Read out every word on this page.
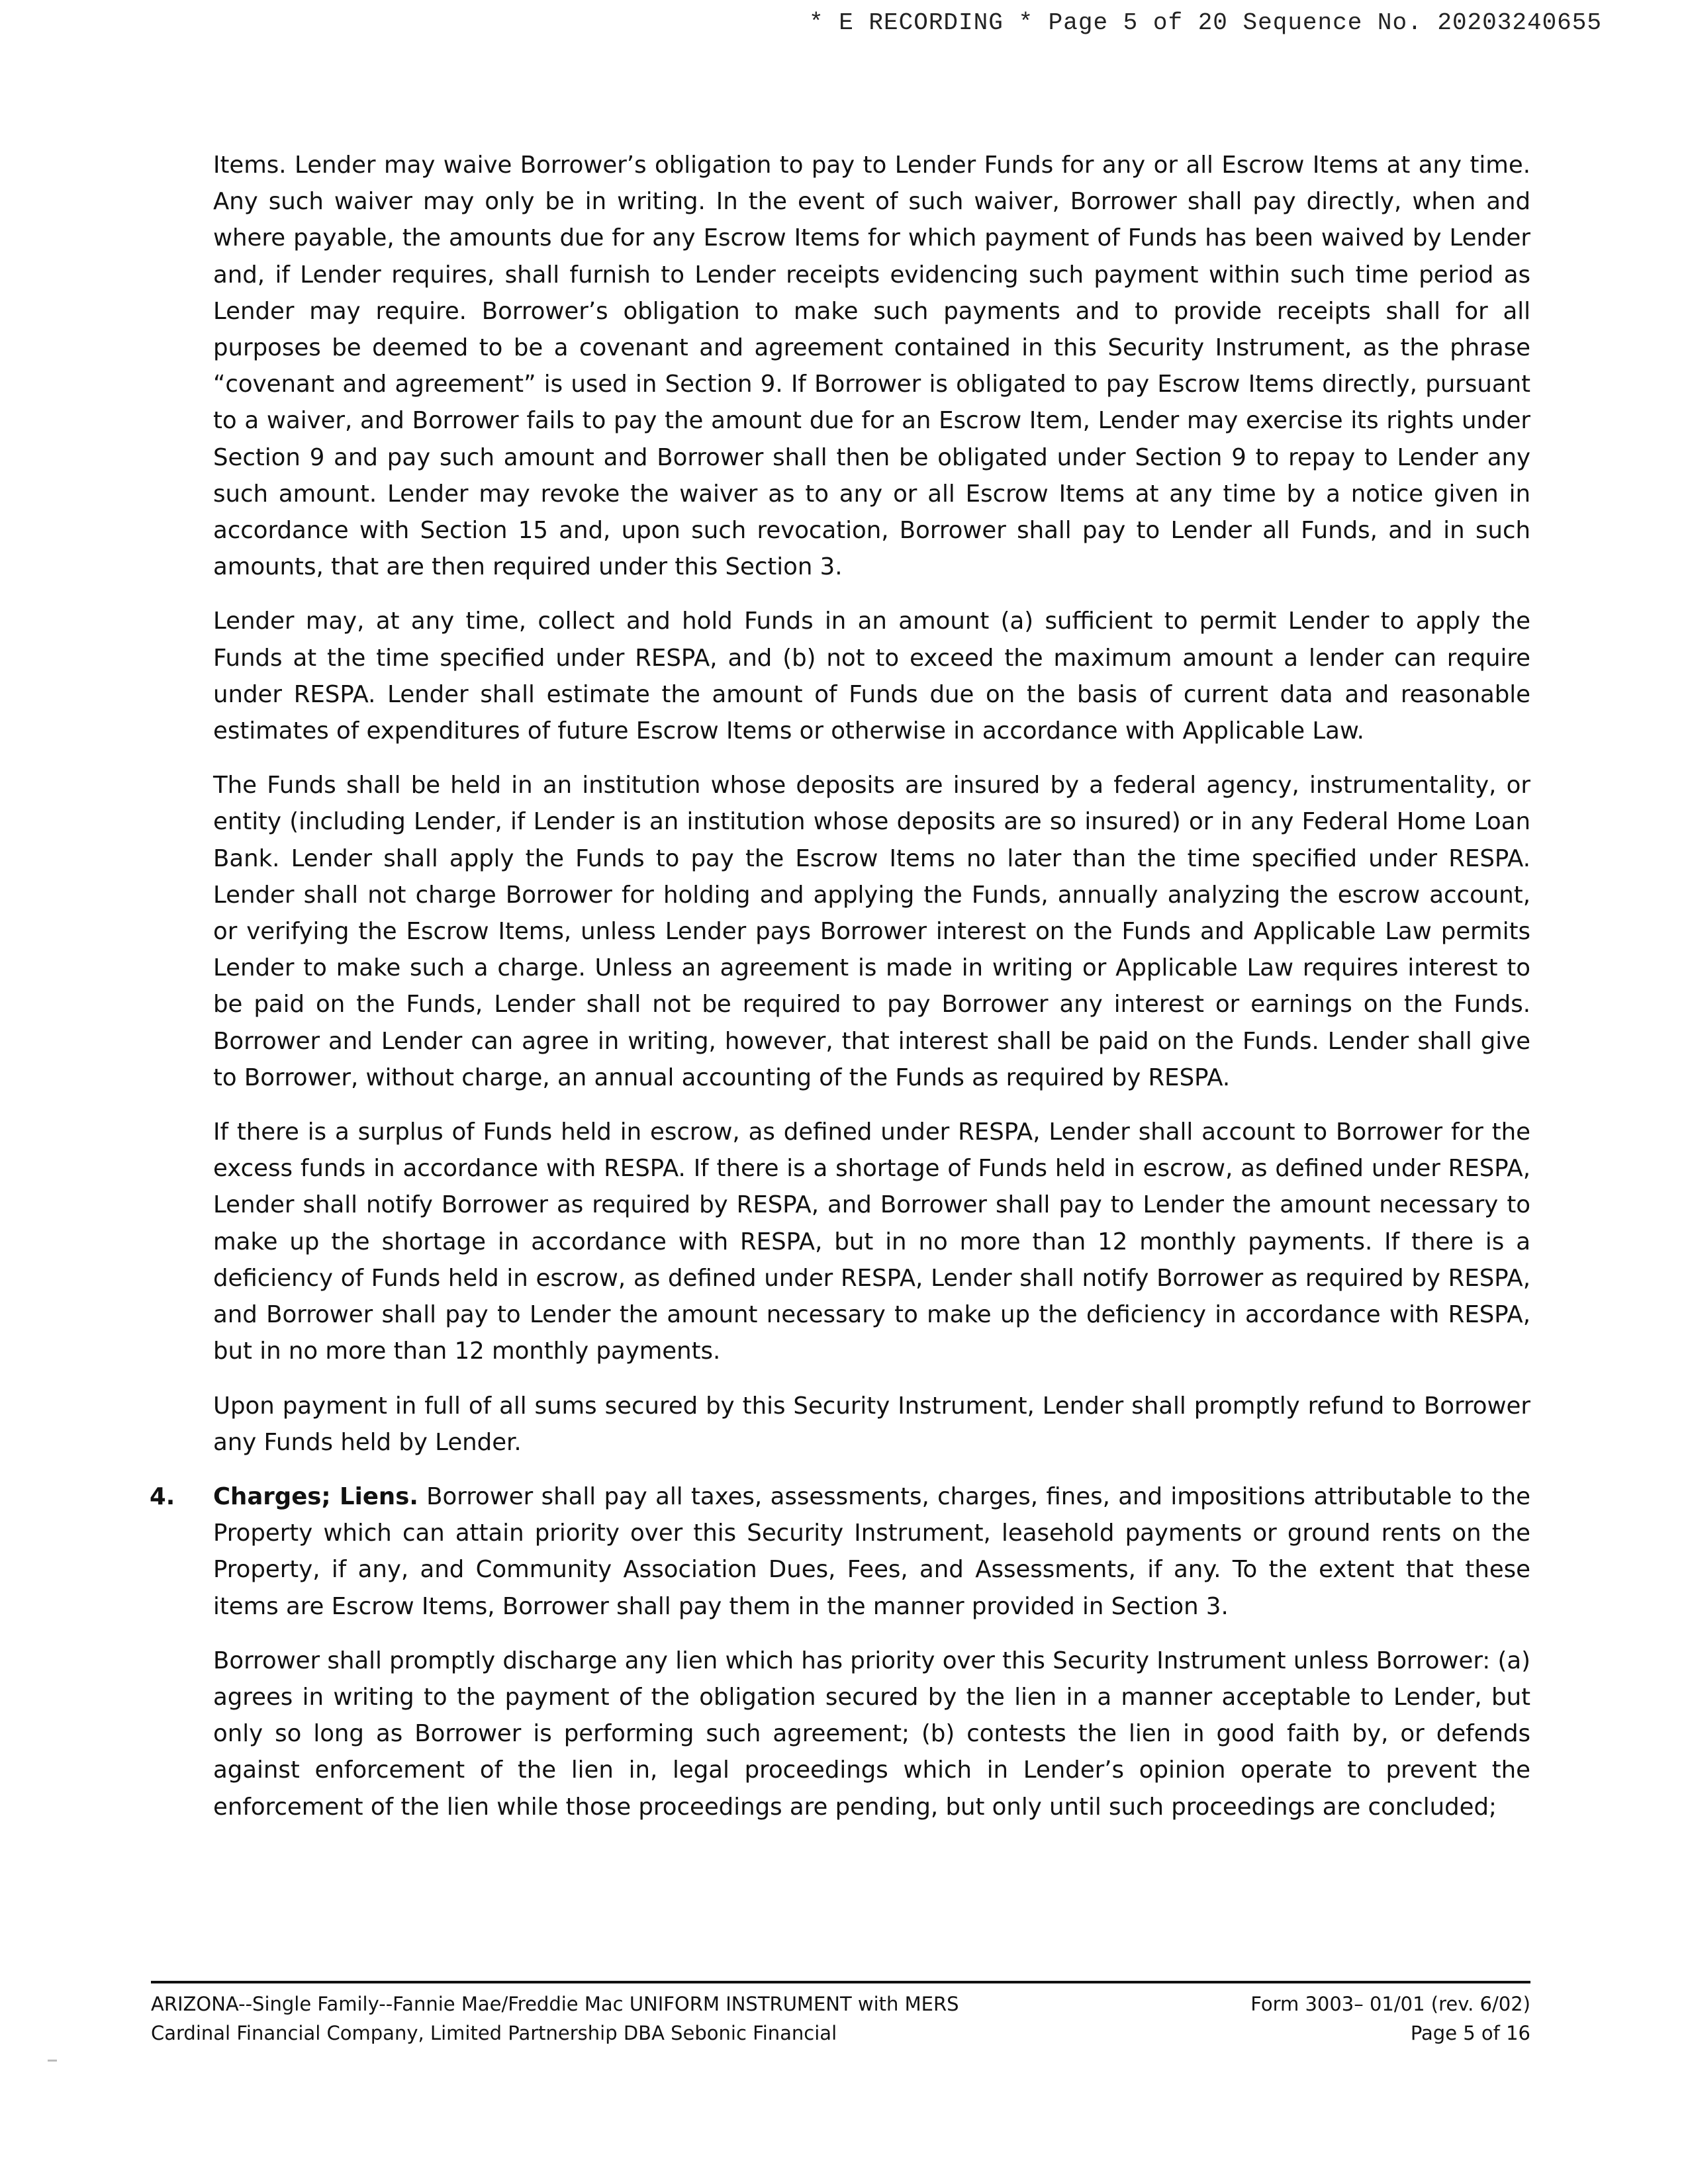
* E RECORDING * Page 5 of 20 Sequence No. 20203240655

Items. Lender may waive Borrower’s obligation to pay to Lender Funds for any or all Escrow Items at any time. Any such waiver may only be in writing. In the event of such waiver, Borrower shall pay directly, when and where payable, the amounts due for any Escrow Items for which payment of Funds has been waived by Lender and, if Lender requires, shall furnish to Lender receipts evidencing such payment within such time period as Lender may require. Borrower’s obligation to make such payments and to provide receipts shall for all purposes be deemed to be a covenant and agreement contained in this Security Instrument, as the phrase “covenant and agreement” is used in Section 9. If Borrower is obligated to pay Escrow Items directly, pursuant to a waiver, and Borrower fails to pay the amount due for an Escrow Item, Lender may exercise its rights under Section 9 and pay such amount and Borrower shall then be obligated under Section 9 to repay to Lender any such amount. Lender may revoke the waiver as to any or all Escrow Items at any time by a notice given in accordance with Section 15 and, upon such revocation, Borrower shall pay to Lender all Funds, and in such amounts, that are then required under this Section 3.

Lender may, at any time, collect and hold Funds in an amount (a) sufficient to permit Lender to apply the Funds at the time specified under RESPA, and (b) not to exceed the maximum amount a lender can require under RESPA. Lender shall estimate the amount of Funds due on the basis of current data and reasonable estimates of expenditures of future Escrow Items or otherwise in accordance with Applicable Law.

The Funds shall be held in an institution whose deposits are insured by a federal agency, instrumentality, or entity (including Lender, if Lender is an institution whose deposits are so insured) or in any Federal Home Loan Bank. Lender shall apply the Funds to pay the Escrow Items no later than the time specified under RESPA. Lender shall not charge Borrower for holding and applying the Funds, annually analyzing the escrow account, or verifying the Escrow Items, unless Lender pays Borrower interest on the Funds and Applicable Law permits Lender to make such a charge. Unless an agreement is made in writing or Applicable Law requires interest to be paid on the Funds, Lender shall not be required to pay Borrower any interest or earnings on the Funds. Borrower and Lender can agree in writing, however, that interest shall be paid on the Funds. Lender shall give to Borrower, without charge, an annual accounting of the Funds as required by RESPA.

If there is a surplus of Funds held in escrow, as defined under RESPA, Lender shall account to Borrower for the excess funds in accordance with RESPA. If there is a shortage of Funds held in escrow, as defined under RESPA, Lender shall notify Borrower as required by RESPA, and Borrower shall pay to Lender the amount necessary to make up the shortage in accordance with RESPA, but in no more than 12 monthly payments. If there is a deficiency of Funds held in escrow, as defined under RESPA, Lender shall notify Borrower as required by RESPA, and Borrower shall pay to Lender the amount necessary to make up the deficiency in accordance with RESPA, but in no more than 12 monthly payments.

Upon payment in full of all sums secured by this Security Instrument, Lender shall promptly refund to Borrower any Funds held by Lender.

4. Charges; Liens. Borrower shall pay all taxes, assessments, charges, fines, and impositions attributable to the Property which can attain priority over this Security Instrument, leasehold payments or ground rents on the Property, if any, and Community Association Dues, Fees, and Assessments, if any. To the extent that these items are Escrow Items, Borrower shall pay them in the manner provided in Section 3.

Borrower shall promptly discharge any lien which has priority over this Security Instrument unless Borrower: (a) agrees in writing to the payment of the obligation secured by the lien in a manner acceptable to Lender, but only so long as Borrower is performing such agreement; (b) contests the lien in good faith by, or defends against enforcement of the lien in, legal proceedings which in Lender’s opinion operate to prevent the enforcement of the lien while those proceedings are pending, but only until such proceedings are concluded;

ARIZONA--Single Family--Fannie Mae/Freddie Mac UNIFORM INSTRUMENT with MERS	Form 3003– 01/01 (rev. 6/02)
Cardinal Financial Company, Limited Partnership DBA Sebonic Financial	Page 5 of 16
